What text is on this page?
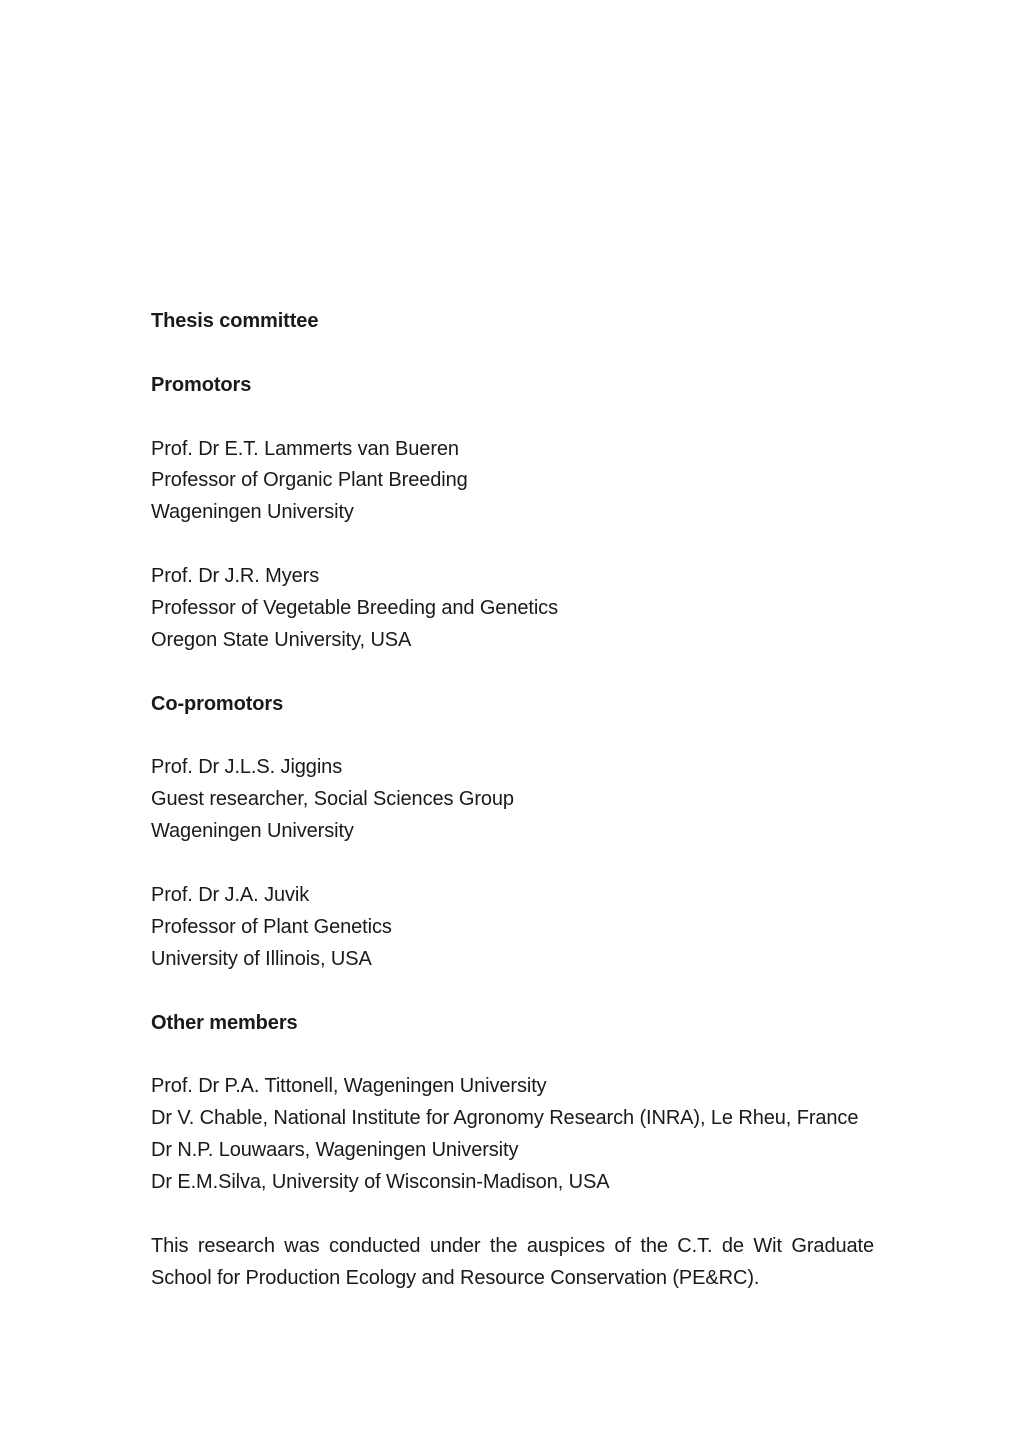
Thesis committee
Promotors
Prof. Dr E.T. Lammerts van Bueren
Professor of Organic Plant Breeding
Wageningen University
Prof. Dr J.R. Myers
Professor of Vegetable Breeding and Genetics
Oregon State University, USA
Co-promotors
Prof. Dr J.L.S. Jiggins
Guest researcher, Social Sciences Group
Wageningen University
Prof. Dr J.A. Juvik
Professor of Plant Genetics
University of Illinois, USA
Other members
Prof. Dr P.A. Tittonell, Wageningen University
Dr V. Chable, National Institute for Agronomy Research (INRA), Le Rheu, France
Dr N.P. Louwaars, Wageningen University
Dr E.M.Silva, University of Wisconsin-Madison, USA
This research was conducted under the auspices of the C.T. de Wit Graduate
School for Production Ecology and Resource Conservation (PE&RC).
